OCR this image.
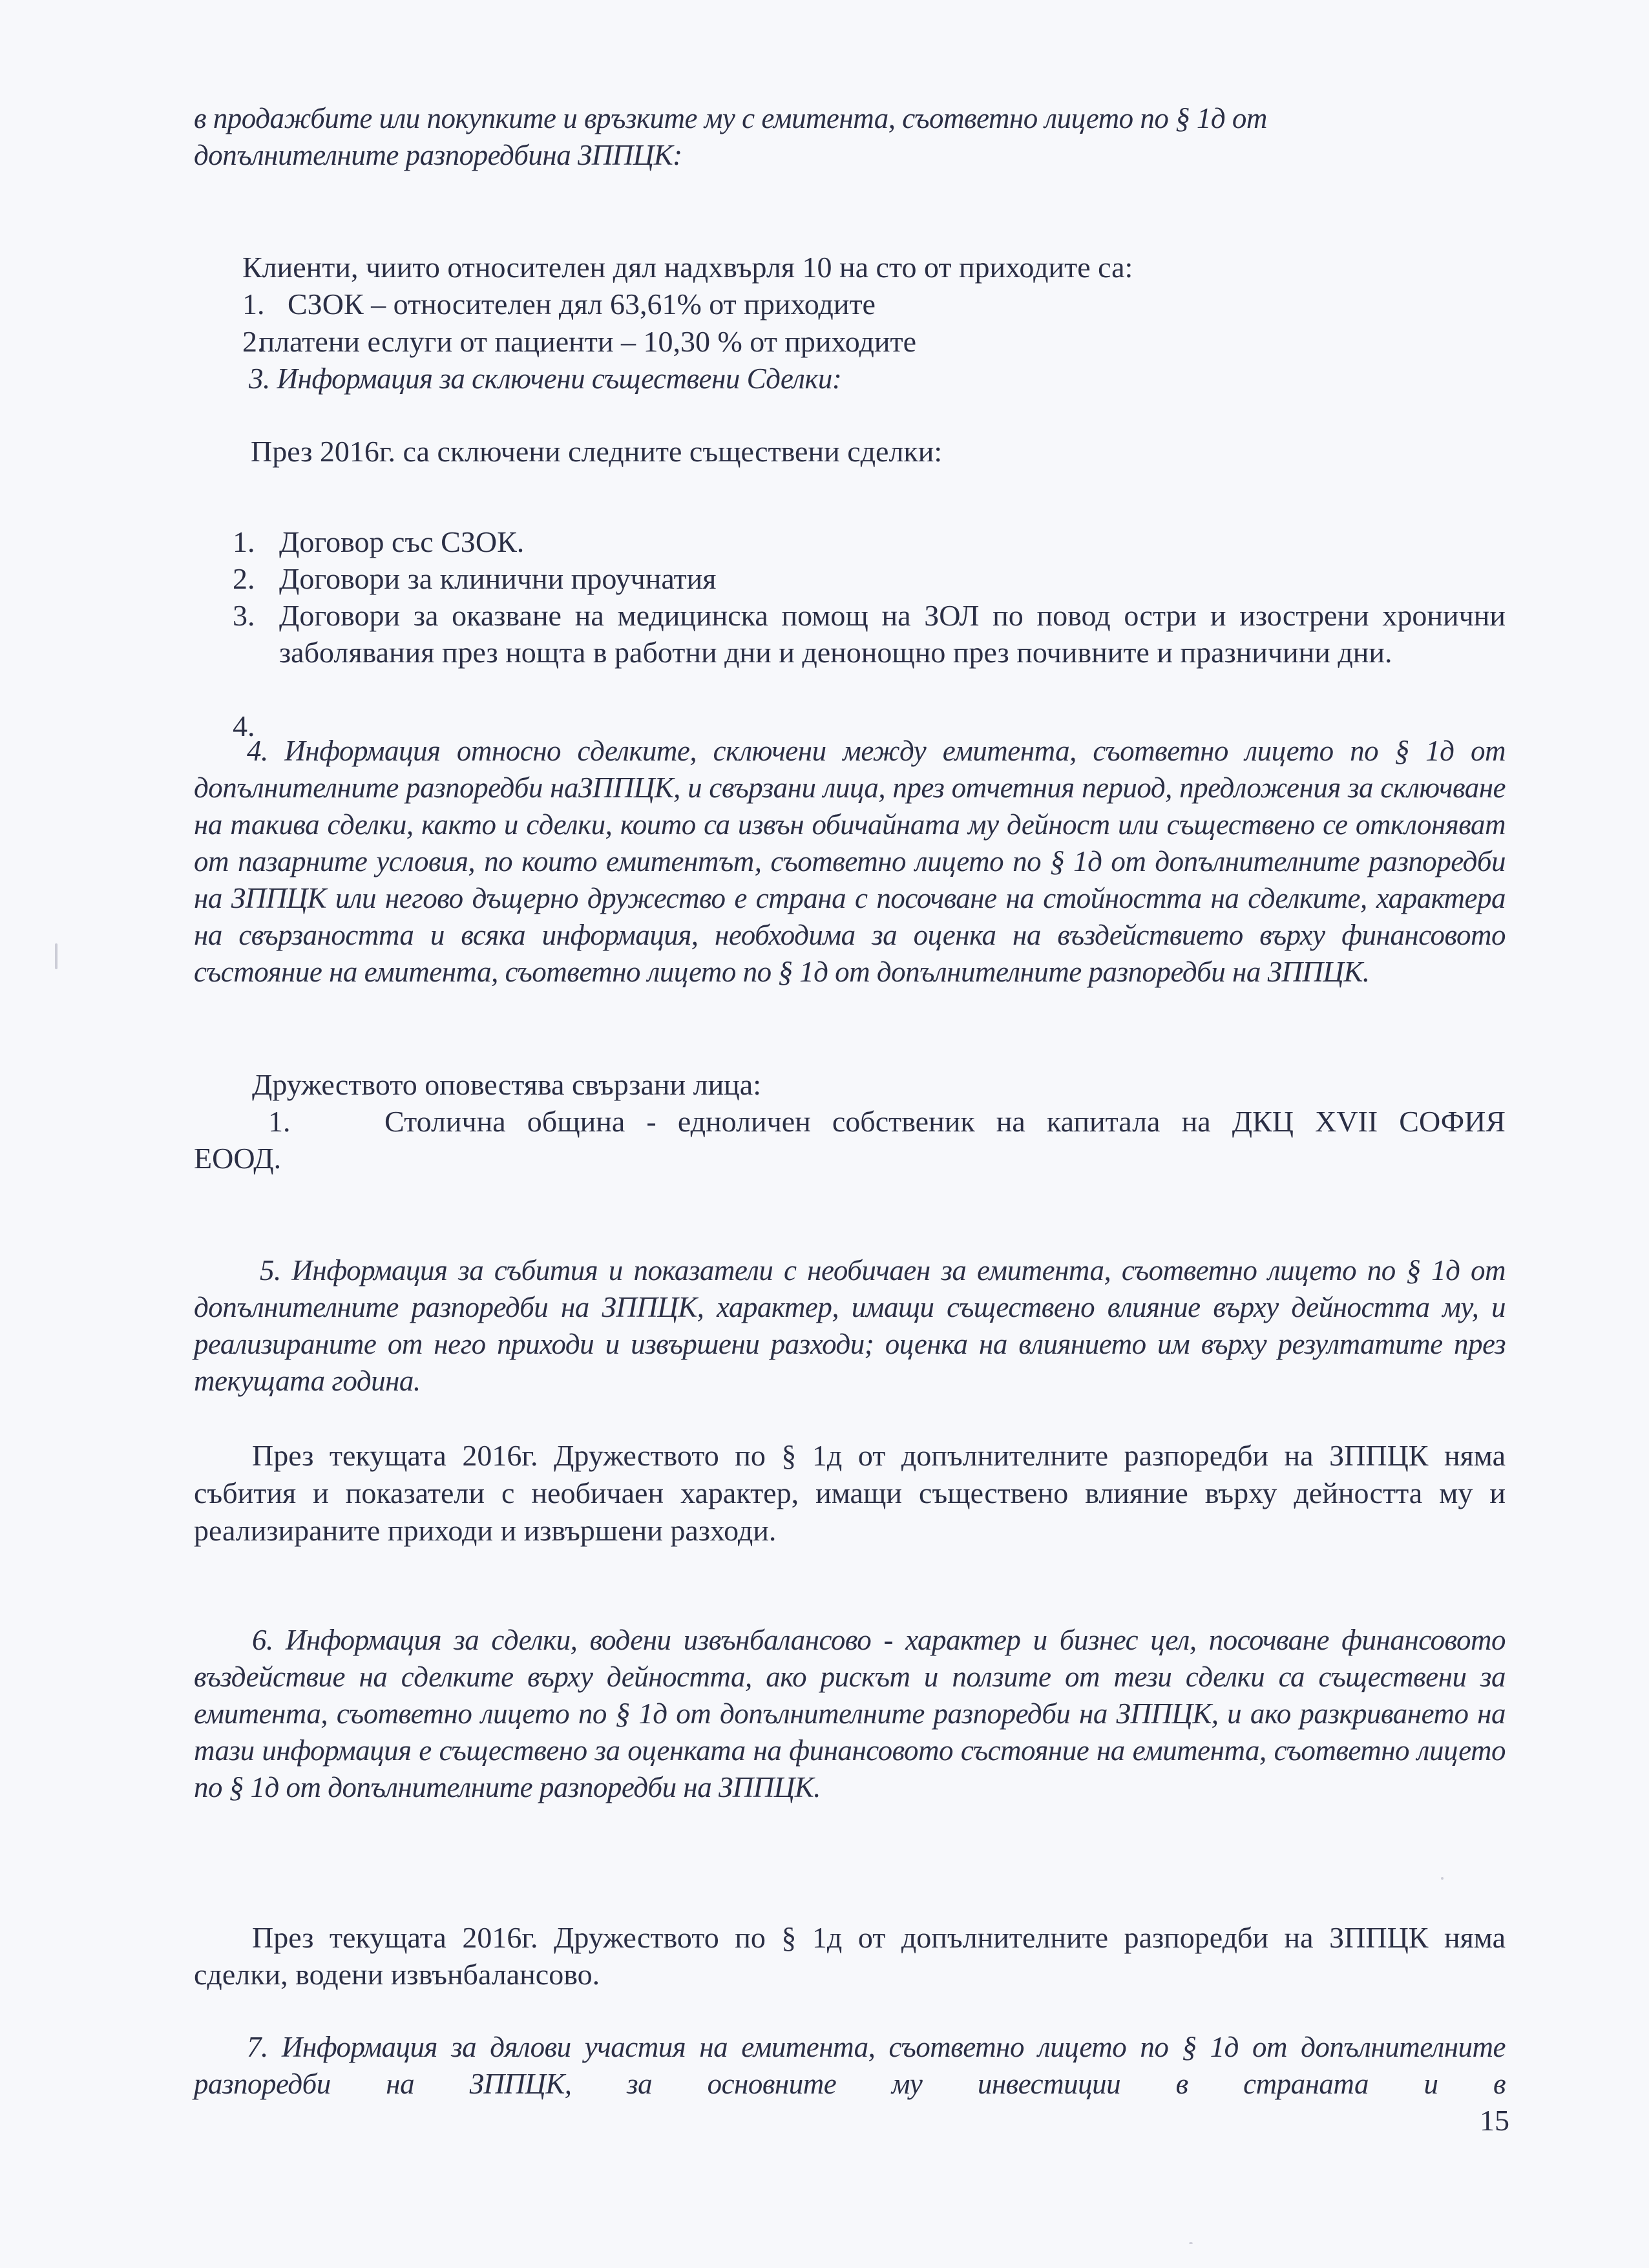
в продажбите или покупките и връзките му с емитента, съответно лицето по § 1д от
допълнителните разпоредбина ЗППЦК:
Клиенти, чиито относителен дял надхвърля 10 на сто от приходите са:
1. СЗОК – относителен дял 63,61% от приходите
2. платени еслуги от пациенти – 10,30 % от приходите
3. Информация за сключени съществени Сделки:
През 2016г. са сключени следните съществени сделки:
1. Договор със СЗОК.
2. Договори за клинични проучнатия
3. Договори за оказване на медицинска помощ на ЗОЛ по повод остри и изострени хронични заболявания през нощта в работни дни и денонощно през почивните и празничини дни.
4.
4. Информация относно сделките, сключени между емитента, съответно лицето по § 1д от допълнителните разпоредби наЗППЦК, и свързани лица, през отчетния период, предложения за сключване на такива сделки, както и сделки, които са извън обичайната му дейност или съществено се отклоняват от пазарните условия, по които емитентът, съответно лицето по § 1д от допълнителните разпоредби на ЗППЦК или негово дъщерно дружество е страна с посочване на стойността на сделките, характера на свързаността и всяка информация, необходима за оценка на въздействието върху финансовото състояние на емитента, съответно лицето по § 1д от допълнителните разпоредби на ЗППЦК.
Дружеството оповестява свързани лица:
1.	Столична община - едноличен собственик на капитала на ДКЦ XVII СОФИЯ
ЕООД.
5. Информация за събития и показатели с необичаен за емитента, съответно лицето по § 1д от допълнителните разпоредби на ЗППЦК, характер, имащи съществено влияние върху дейността му, и реализираните от него приходи и извършени разходи; оценка на влиянието им върху резултатите през текущата година.
През текущата 2016г. Дружеството по § 1д от допълнителните разпоредби на ЗППЦК няма събития и показатели с необичаен характер, имащи съществено влияние върху дейността му и реализираните приходи и извършени разходи.
6. Информация за сделки, водени извънбалансово - характер и бизнес цел, посочване финансовото въздействие на сделките върху дейността, ако рискът и ползите от тези сделки са съществени за емитента, съответно лицето по § 1д от допълнителните разпоредби на ЗППЦК, и ако разкриването на тази информация е съществено за оценката на финансовото състояние на емитента, съответно лицето по § 1д от допълнителните разпоредби на ЗППЦК.
През текущата 2016г. Дружеството по § 1д от допълнителните разпоредби на ЗППЦК няма сделки, водени извънбалансово.
7. Информация за дялови участия на емитента, съответно лицето по § 1д от допълнителните разпоредби на ЗППЦК, за основните му инвестиции в страната и в
15
